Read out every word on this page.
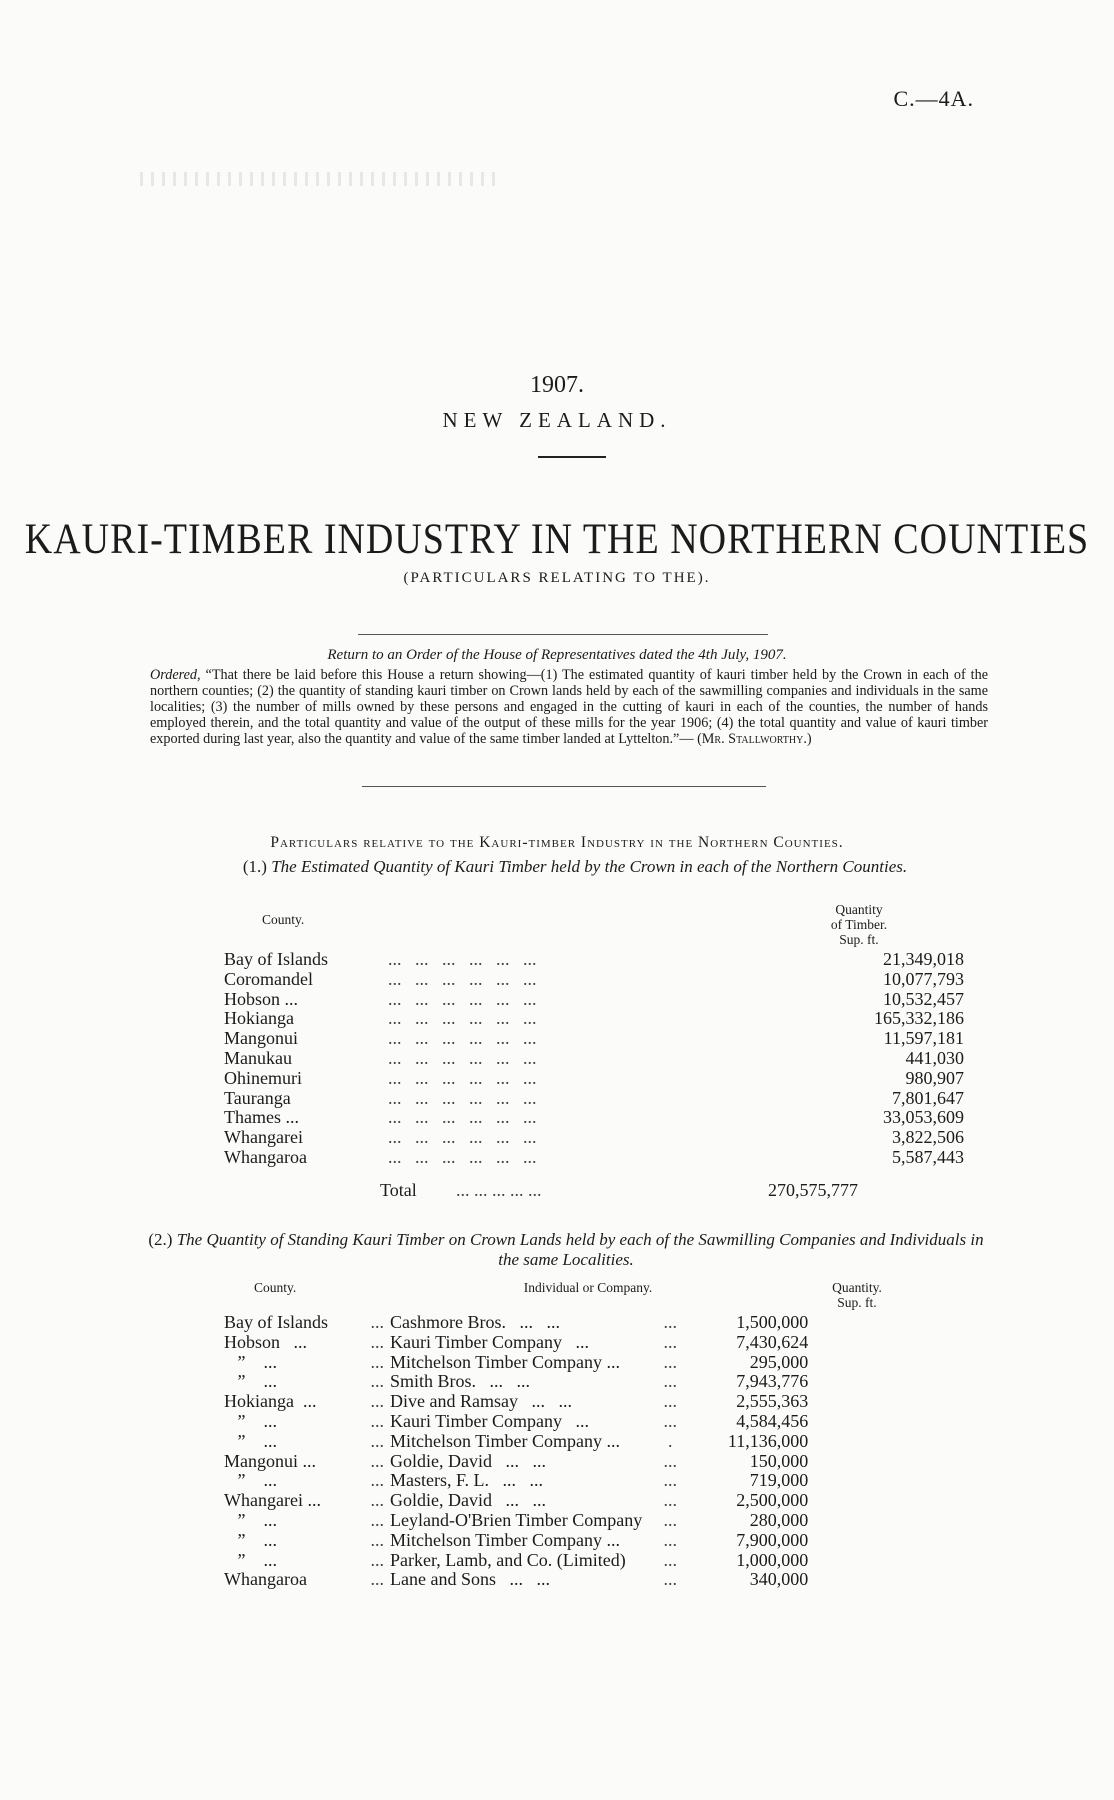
C.—4A.
1907.
NEW ZEALAND.
KAURI-TIMBER INDUSTRY IN THE NORTHERN COUNTIES
(PARTICULARS RELATING TO THE).
Return to an Order of the House of Representatives dated the 4th July, 1907.
Ordered, “That there be laid before this House a return showing—(1) The estimated quantity of kauri timber held by the Crown in each of the northern counties; (2) the quantity of standing kauri timber on Crown lands held by each of the sawmilling companies and individuals in the same localities; (3) the number of mills owned by these persons and engaged in the cutting of kauri in each of the counties, the number of hands employed therein, and the total quantity and value of the output of these mills for the year 1906; (4) the total quantity and value of kauri timber exported during last year, also the quantity and value of the same timber landed at Lyttelton.”— (Mr. Stallworthy.)
Particulars relative to the Kauri-timber Industry in the Northern Counties.
(1.) The Estimated Quantity of Kauri Timber held by the Crown in each of the Northern Counties.
County.
Quantity
of Timber.
Sup. ft.
Bay of Islands	...   ...   ...   ...   ...   ...	21,349,018
Coromandel	...   ...   ...   ...   ...   ...	10,077,793
Hobson ...	...   ...   ...   ...   ...   ...	10,532,457
Hokianga	...   ...   ...   ...   ...   ...	165,332,186
Mangonui	...   ...   ...   ...   ...   ...	11,597,181
Manukau	...   ...   ...   ...   ...   ...	441,030
Ohinemuri	...   ...   ...   ...   ...   ...	980,907
Tauranga	...   ...   ...   ...   ...   ...	7,801,647
Thames ...	...   ...   ...   ...   ...   ...	33,053,609
Whangarei	...   ...   ...   ...   ...   ...	3,822,506
Whangaroa	...   ...   ...   ...   ...   ...	5,587,443
Total ... ... ... ... ...	270,575,777
(2.) The Quantity of Standing Kauri Timber on Crown Lands held by each of the Sawmilling Companies and Individuals in the same Localities.
County.	Individual or Company.	Quantity.
Sup. ft.
Bay of Islands	...	Cashmore Bros.   ...   ...	...	1,500,000
Hobson   ...	...	Kauri Timber Company   ...	...	7,430,624
”    ...	...	Mitchelson Timber Company ...	...	295,000
”    ...	...	Smith Bros.   ...   ...	...	7,943,776
Hokianga  ...	...	Dive and Ramsay   ...   ...	...	2,555,363
”    ...	...	Kauri Timber Company   ...	...	4,584,456
”    ...	...	Mitchelson Timber Company ...	.	11,136,000
Mangonui ...	...	Goldie, David   ...   ...	...	150,000
”    ...	...	Masters, F. L.   ...   ...	...	719,000
Whangarei ...	...	Goldie, David   ...   ...	...	2,500,000
”    ...	...	Leyland-O'Brien Timber Company	...	280,000
”    ...	...	Mitchelson Timber Company ...	...	7,900,000
”    ...	...	Parker, Lamb, and Co. (Limited)	...	1,000,000
Whangaroa	...	Lane and Sons   ...   ...	...	340,000
